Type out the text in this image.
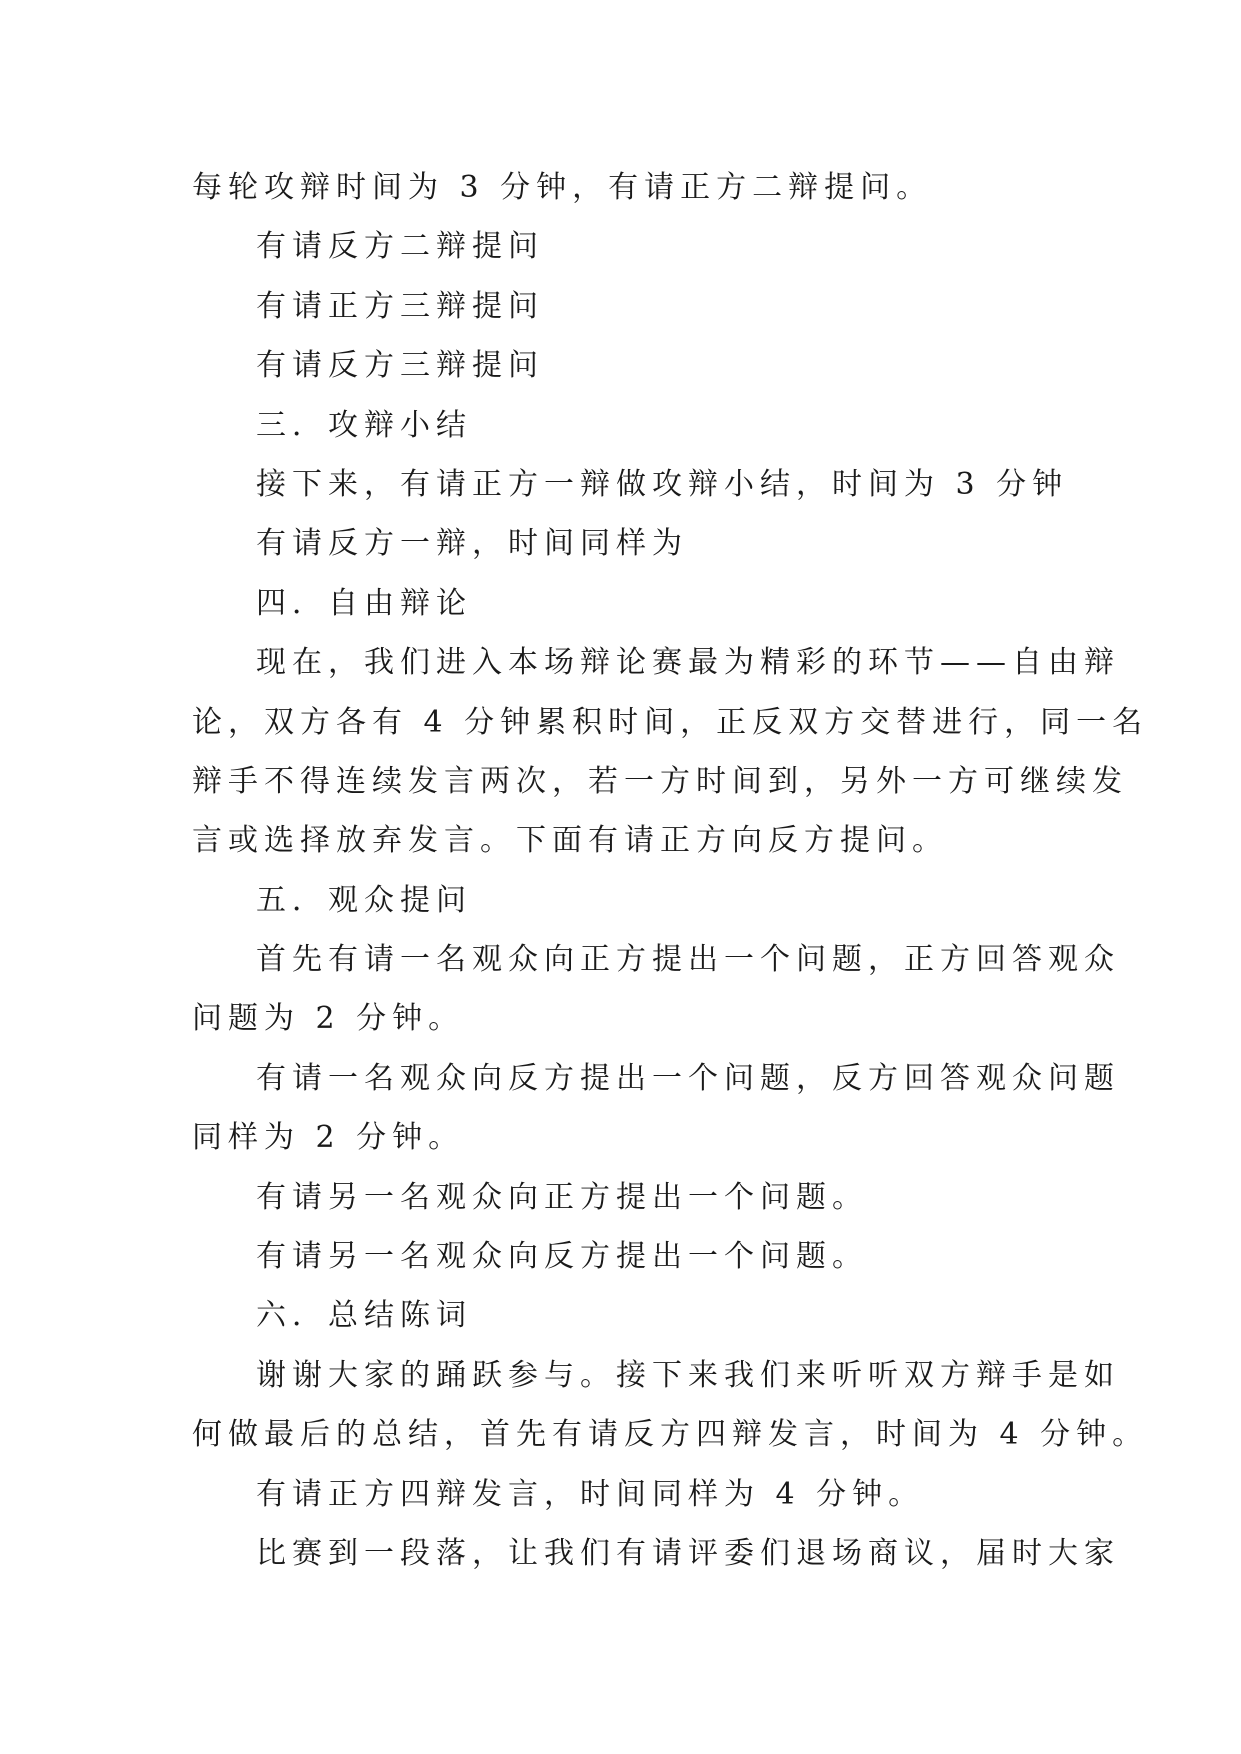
每轮攻辩时间为 3 分钟，有请正方二辩提问。
有请反方二辩提问
有请正方三辩提问
有请反方三辩提问
三．攻辩小结
接下来，有请正方一辩做攻辩小结，时间为 3 分钟
有请反方一辩，时间同样为
四．自由辩论
现在，我们进入本场辩论赛最为精彩的环节——自由辩
论，双方各有 4 分钟累积时间，正反双方交替进行，同一名
辩手不得连续发言两次，若一方时间到，另外一方可继续发
言或选择放弃发言。下面有请正方向反方提问。
五．观众提问
首先有请一名观众向正方提出一个问题，正方回答观众
问题为 2 分钟。
有请一名观众向反方提出一个问题，反方回答观众问题
同样为 2 分钟。
有请另一名观众向正方提出一个问题。
有请另一名观众向反方提出一个问题。
六．总结陈词
谢谢大家的踊跃参与。接下来我们来听听双方辩手是如
何做最后的总结，首先有请反方四辩发言，时间为 4 分钟。
有请正方四辩发言，时间同样为 4 分钟。
比赛到一段落，让我们有请评委们退场商议，届时大家
